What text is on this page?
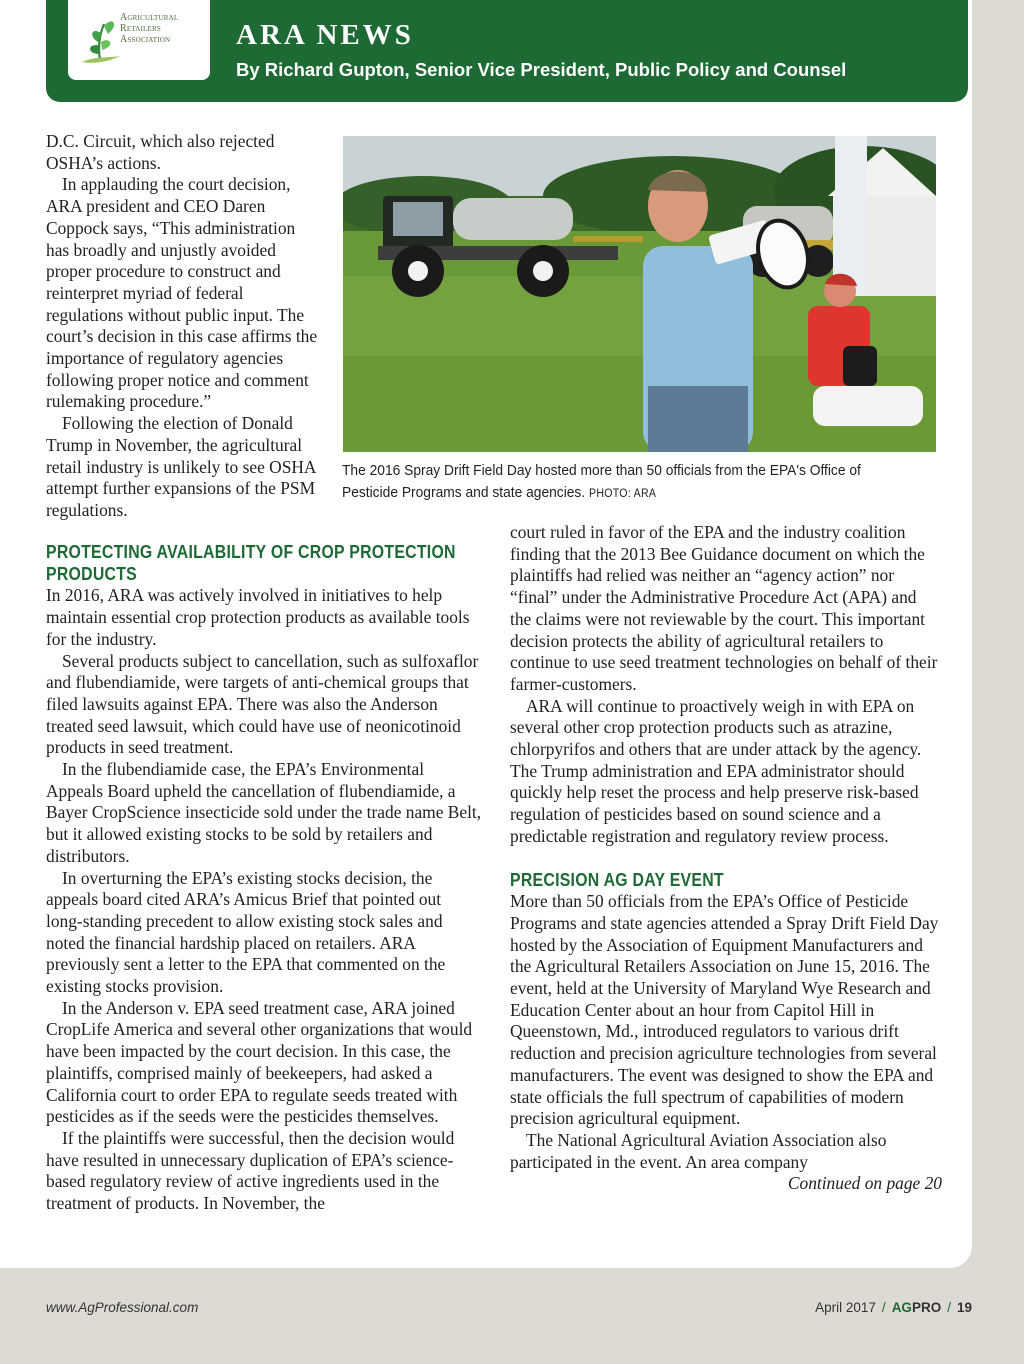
Agricultural
Retailers
Association	ARA NEWS
By Richard Gupton, Senior Vice President, Public Policy and Counsel

D.C. Circuit, which also rejected OSHA’s actions.

In applauding the court decision, ARA president and CEO Daren Coppock says, “This administration has broadly and unjustly avoided proper procedure to construct and reinterpret myriad of federal regulations without public input. The court’s decision in this case affirms the importance of regulatory agencies following proper notice and comment rulemaking procedure.”

Following the election of Donald Trump in November, the agricultural retail industry is unlikely to see OSHA attempt further expansions of the PSM regulations.

The 2016 Spray Drift Field Day hosted more than 50 officials from the EPA's Office of Pesticide Programs and state agencies. PHOTO: ARA
PROTECTING AVAILABILITY OF CROP PROTECTION PRODUCTS

In 2016, ARA was actively involved in initiatives to help maintain essential crop protection products as available tools for the industry.

Several products subject to cancellation, such as sulfoxaflor and flubendiamide, were targets of anti-chemical groups that filed lawsuits against EPA. There was also the Anderson treated seed lawsuit, which could have use of neonicotinoid products in seed treatment.

In the flubendiamide case, the EPA’s Environmental Appeals Board upheld the cancellation of flubendiamide, a Bayer CropScience insecticide sold under the trade name Belt, but it allowed existing stocks to be sold by retailers and distributors.

In overturning the EPA’s existing stocks decision, the appeals board cited ARA’s Amicus Brief that pointed out long-standing precedent to allow existing stock sales and noted the financial hardship placed on retailers. ARA previously sent a letter to the EPA that commented on the existing stocks provision.

In the Anderson v. EPA seed treatment case, ARA joined CropLife America and several other organizations that would have been impacted by the court decision. In this case, the plaintiffs, comprised mainly of beekeepers, had asked a California court to order EPA to regulate seeds treated with pesticides as if the seeds were the pesticides themselves.

If the plaintiffs were successful, then the decision would have resulted in unnecessary duplication of EPA’s science-based regulatory review of active ingredients used in the treatment of products. In November, the

court ruled in favor of the EPA and the industry coalition finding that the 2013 Bee Guidance document on which the plaintiffs had relied was neither an “agency action” nor “final” under the Administrative Procedure Act (APA) and the claims were not reviewable by the court. This important decision protects the ability of agricultural retailers to continue to use seed treatment technologies on behalf of their farmer-customers.

ARA will continue to proactively weigh in with EPA on several other crop protection products such as atrazine, chlorpyrifos and others that are under attack by the agency. The Trump administration and EPA administrator should quickly help reset the process and help preserve risk-based regulation of pesticides based on sound science and a predictable registration and regulatory review process.

PRECISION AG DAY EVENT

More than 50 officials from the EPA’s Office of Pesticide Programs and state agencies attended a Spray Drift Field Day hosted by the Association of Equipment Manufacturers and the Agricultural Retailers Association on June 15, 2016. The event, held at the University of Maryland Wye Research and Education Center about an hour from Capitol Hill in Queenstown, Md., introduced regulators to various drift reduction and precision agriculture technologies from several manufacturers. The event was designed to show the EPA and state officials the full spectrum of capabilities of modern precision agricultural equipment.

The National Agricultural Aviation Association also participated in the event. An area company

Continued on page 20
www.AgProfessional.com	April 2017 / AGPRO / 19
